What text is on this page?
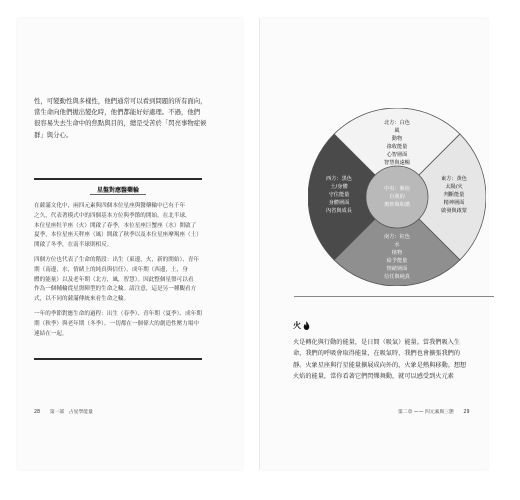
性，可變動性與多樣性，他們通常可以看到問題的所有面向，
當生命向他們拋出變化時，他們都能好好處理。不過，他們
很容易失去生命中的焦點與目的，總是受苦於「閃亮事物症候
群」與分心。

星盤對應醫藥輪

在薩滿文化中，兩四元素與四個本位星座與醫藥輪中已有千年
之久，代表著模式中的四個基本方位與季節的開始。在北半球，
本位星座牡羊座（火）開啟了春季，本位星座巨蟹座（水）開啟了
夏季，本位星座天秤座（風）開啟了秋季以及本位星座摩羯座（土）
開啟了冬季，在南半球則相反。

四個方位也代表了生命的階段：出生（東邊，火，新的開始）、青年
期（南邊，水，情緒上的純真與信任）、成年期（西邊，土，身
體的能量）以及老年期（北方，風，智慧）。因此整個星盤可以看
作為一個輔輪從星盤陣型的生命之輪。請注意，這是另一種觀看方
式，以不同的薩滿傳統來看生命之輪。

一年的季節對應生命的過程：出生（春季）、青年期（夏季）、成年期
期（秋季）與老年期（冬季）。一切都在一個偉大的創造性壓力場中
連結在一起。

28　　第一部　占星學能量
北方：白色
風
動物
祿收能量
心智層面
智慧與遠暢
東方：黃色
太陽/火
判斷能量
精神層面
啟發與啟蒙
南方：紅色
水
植物
給予能量
情緒層面
信任與純真
西方：黑色
土/身體
守住能量
身體層面
內省與成長
中央：紫宿
自我的
奧妙與和諧
火

火是轉化與行動的能量，是日間（吸氣）能量。當我們吸入生
命，我們的呼吸會取得能量，在吸氣時，我們也會擴張我們的
靜。火象星座與行星能量擴展成向外的，火象是熱與移動。想想
火焰的能量，當你看著它們閃爍舞動，就可以感受到火元素

第二章 —— 四元素與三態　　29
